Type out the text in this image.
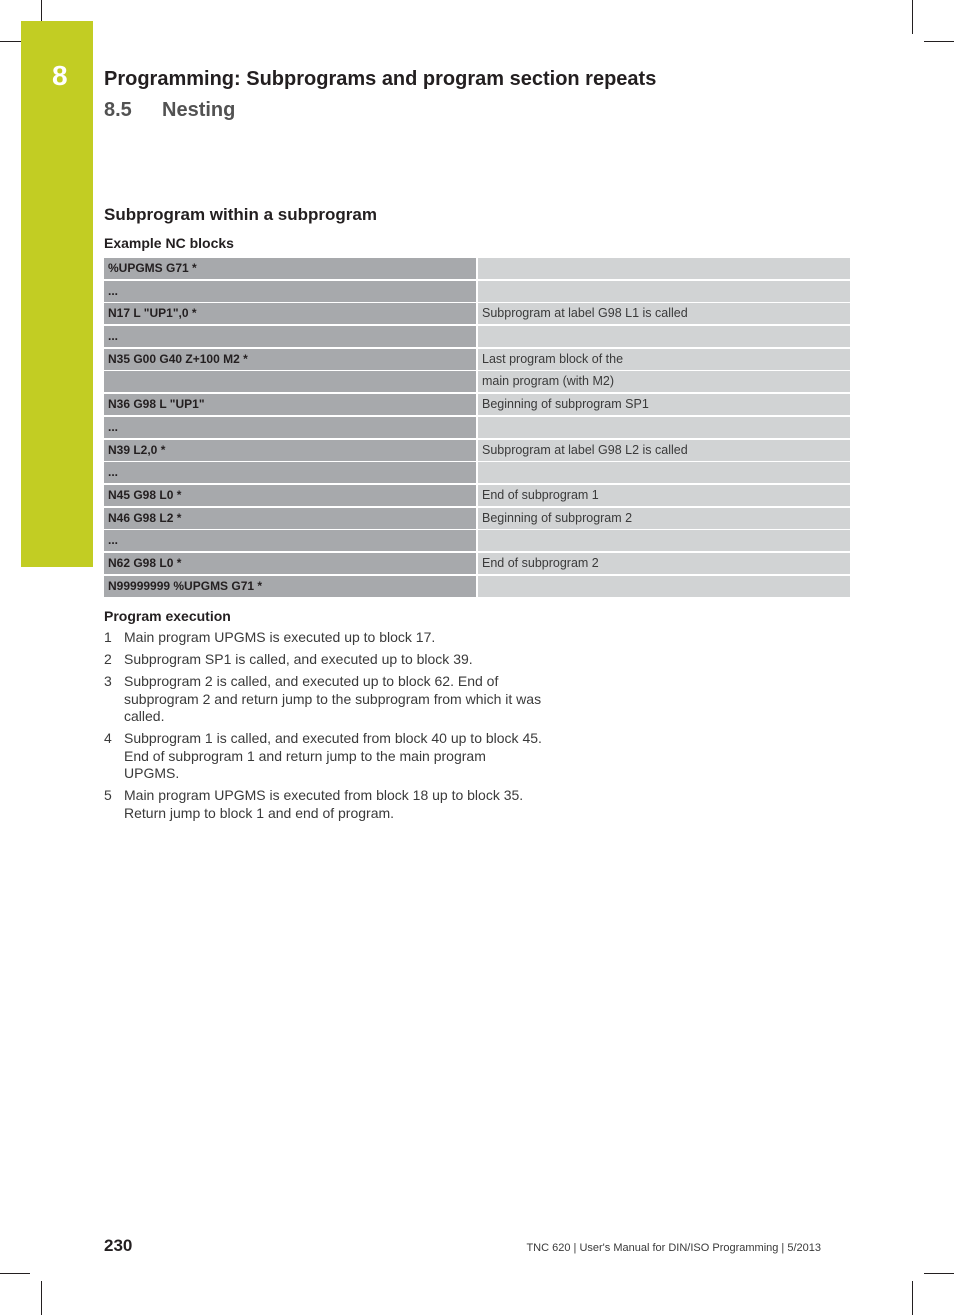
8	Programming: Subprograms and program section repeats
8.5 Nesting
Subprogram within a subprogram
Example NC blocks
%UPGMS G71 *
...
N17 L "UP1",0 *	Subprogram at label G98 L1 is called
...
N35 G00 G40 Z+100 M2 *	Last program block of the
main program (with M2)
N36 G98 L "UP1"	Beginning of subprogram SP1
...
N39 L2,0 *	Subprogram at label G98 L2 is called
...
N45 G98 L0 *	End of subprogram 1
N46 G98 L2 *	Beginning of subprogram 2
...
N62 G98 L0 *	End of subprogram 2
N99999999 %UPGMS G71 *
Program execution
1 Main program UPGMS is executed up to block 17.
2 Subprogram SP1 is called, and executed up to block 39.
3 Subprogram 2 is called, and executed up to block 62. End of subprogram 2 and return jump to the subprogram from which it was called.
4 Subprogram 1 is called, and executed from block 40 up to block 45. End of subprogram 1 and return jump to the main program UPGMS.
5 Main program UPGMS is executed from block 18 up to block 35. Return jump to block 1 and end of program.
230	TNC 620 | User's Manual for DIN/ISO Programming | 5/2013
